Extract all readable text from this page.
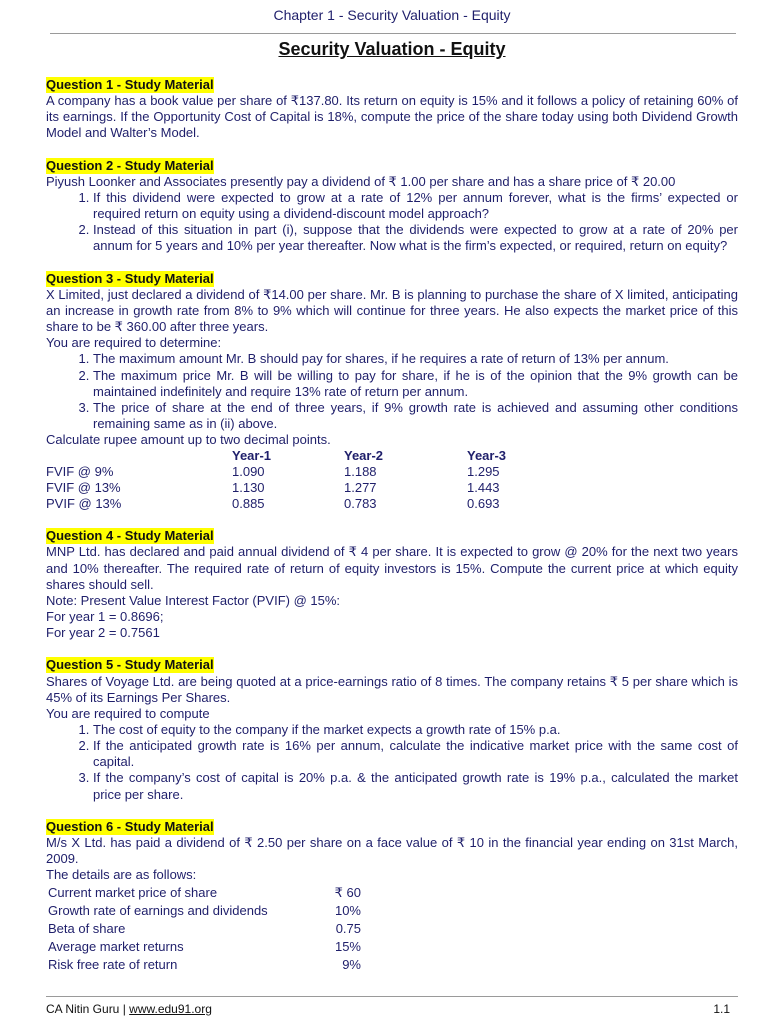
Chapter 1 - Security Valuation - Equity
Security Valuation - Equity
Question 1 - Study Material

A company has a book value per share of ₹137.80. Its return on equity is 15% and it follows a policy of retaining 60% of its earnings. If the Opportunity Cost of Capital is 18%, compute the price of the share today using both Dividend Growth Model and Walter’s Model.

Question 2 - Study Material

Piyush Loonker and Associates presently pay a dividend of ₹ 1.00 per share and has a share price of ₹ 20.00

1. If this dividend were expected to grow at a rate of 12% per annum forever, what is the firms’ expected or required return on equity using a dividend-discount model approach?
2. Instead of this situation in part (i), suppose that the dividends were expected to grow at a rate of 20% per annum for 5 years and 10% per year thereafter. Now what is the firm’s expected, or required, return on equity?
Question 3 - Study Material

X Limited, just declared a dividend of ₹14.00 per share. Mr. B is planning to purchase the share of X limited, anticipating an increase in growth rate from 8% to 9% which will continue for three years. He also expects the market price of this share to be ₹ 360.00 after three years.

You are required to determine:

1. The maximum amount Mr. B should pay for shares, if he requires a rate of return of 13% per annum.
2. The maximum price Mr. B will be willing to pay for share, if he is of the opinion that the 9% growth can be maintained indefinitely and require 13% rate of return per annum.
3. The price of share at the end of three years, if 9% growth rate is achieved and assuming other conditions remaining same as in (ii) above.

Calculate rupee amount up to two decimal points.

	Year-1	Year-2	Year-3
FVIF @ 9%	1.090	1.188	1.295
FVIF @ 13%	1.130	1.277	1.443
PVIF @ 13%	0.885	0.783	0.693
Question 4 - Study Material

MNP Ltd. has declared and paid annual dividend of ₹ 4 per share. It is expected to grow @ 20% for the next two years and 10% thereafter. The required rate of return of equity investors is 15%. Compute the current price at which equity shares should sell.

Note: Present Value Interest Factor (PVIF) @ 15%:

For year 1 = 0.8696;

For year 2 = 0.7561

Question 5 - Study Material

Shares of Voyage Ltd. are being quoted at a price-earnings ratio of 8 times. The company retains ₹ 5 per share which is 45% of its Earnings Per Shares.

You are required to compute

1. The cost of equity to the company if the market expects a growth rate of 15% p.a.
2. If the anticipated growth rate is 16% per annum, calculate the indicative market price with the same cost of capital.
3. If the company’s cost of capital is 20% p.a. & the anticipated growth rate is 19% p.a., calculated the market price per share.
Question 6 - Study Material

M/s X Ltd. has paid a dividend of ₹ 2.50 per share on a face value of ₹ 10 in the financial year ending on 31st March, 2009.

The details are as follows:

Current market price of share	₹ 60
Growth rate of earnings and dividends	10%
Beta of share	0.75
Average market returns	15%
Risk free rate of return	9%
CA Nitin Guru | www.edu91.org	1.1
